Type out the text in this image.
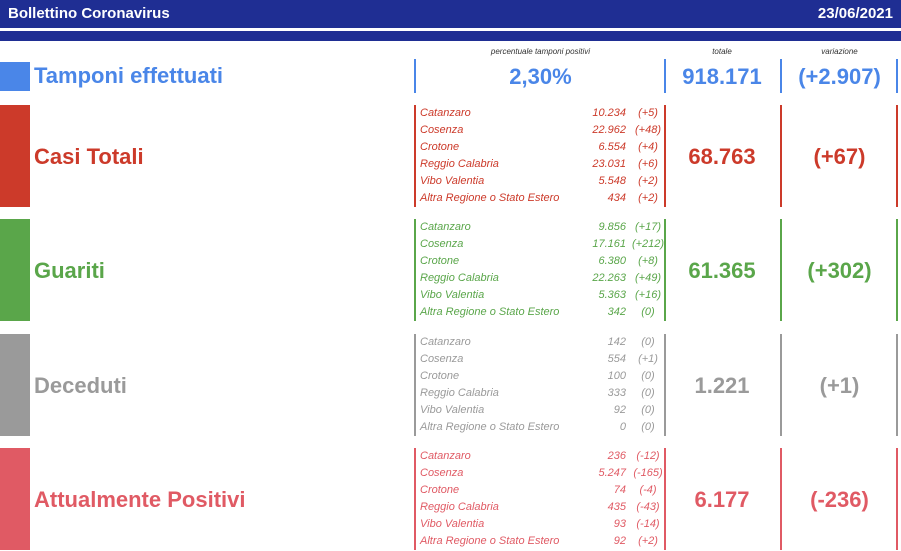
Bollettino Coronavirus	23/06/2021
percentuale tamponi positivi	totale	variazione
Tamponi effettuati	2,30%	918.171	(+2.907)
Casi Totali
Catanzaro	10.234	(+5)
Cosenza	22.962 (+48)
Crotone	6.554	(+4)
Reggio Calabria	23.031	(+6)
Vibo Valentia	5.548	(+2)
Altra Regione o Stato Estero	434	(+2)
68.763	(+67)
Guariti
Catanzaro	9.856 (+17)
Cosenza	17.161 (+212)
Crotone	6.380	(+8)
Reggio Calabria	22.263 (+49)
Vibo Valentia	5.363 (+16)
Altra Regione o Stato Estero	342	(0)
61.365	(+302)
Deceduti
Catanzaro	142	(0)
Cosenza	554	(+1)
Crotone	100	(0)
Reggio Calabria	333	(0)
Vibo Valentia	92	(0)
Altra Regione o Stato Estero	0	(0)
1.221	(+1)
Attualmente Positivi
Catanzaro	236 (-12)
Cosenza	5.247 (-165)
Crotone	74	(-4)
Reggio Calabria	435 (-43)
Vibo Valentia	93 (-14)
Altra Regione o Stato Estero	92	(+2)
6.177	(-236)
